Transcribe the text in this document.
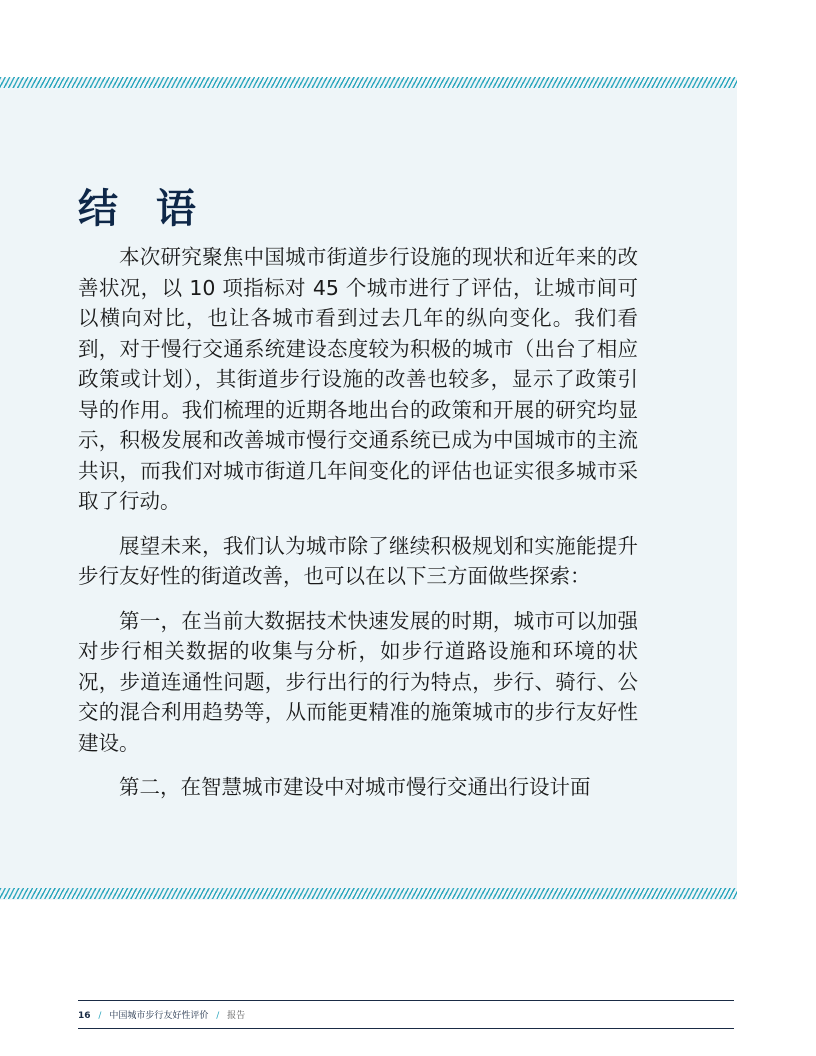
结 语

本次研究聚焦中国城市街道步行设施的现状和近年来的改善状况，以 10 项指标对 45 个城市进行了评估，让城市间可以横向对比，也让各城市看到过去几年的纵向变化。我们看到，对于慢行交通系统建设态度较为积极的城市（出台了相应政策或计划），其街道步行设施的改善也较多，显示了政策引导的作用。我们梳理的近期各地出台的政策和开展的研究均显示，积极发展和改善城市慢行交通系统已成为中国城市的主流共识，而我们对城市街道几年间变化的评估也证实很多城市采取了行动。

展望未来，我们认为城市除了继续积极规划和实施能提升步行友好性的街道改善，也可以在以下三方面做些探索：

第一，在当前大数据技术快速发展的时期，城市可以加强对步行相关数据的收集与分析，如步行道路设施和环境的状况，步道连通性问题，步行出行的行为特点，步行、骑行、公交的混合利用趋势等，从而能更精准的施策城市的步行友好性建设。

第二，在智慧城市建设中对城市慢行交通出行设计面

16 / 中国城市步行友好性评价 / 报告
